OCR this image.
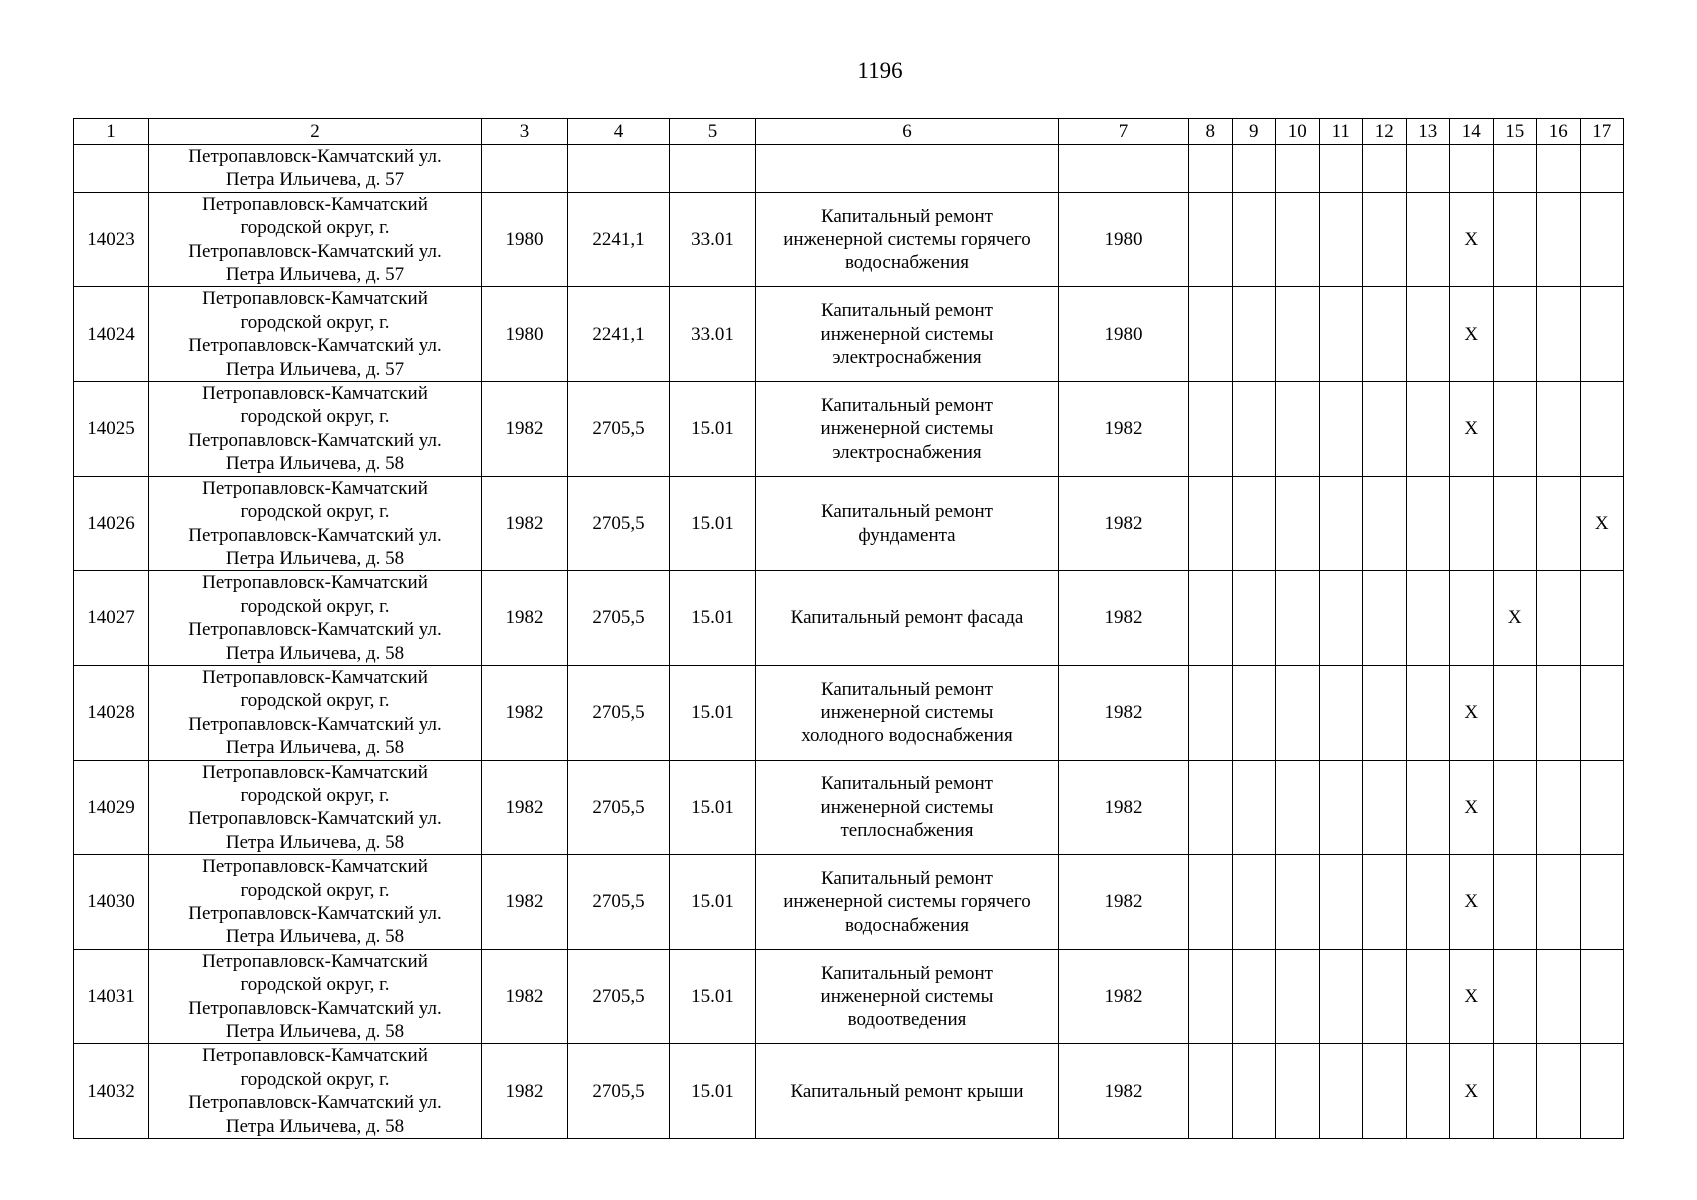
1196
1	2	3	4	5	6	7	8	9	10	11	12	13	14	15	16	17

	Петропавловск-Камчатский ул.
Петра Ильичева, д. 57															

14023	Петропавловск-Камчатский
городской округ, г.
Петропавловск-Камчатский ул.
Петра Ильичева, д. 57	1980	2241,1	33.01	Капитальный ремонт
инженерной системы горячего
водоснабжения	1980							X			
14024	Петропавловск-Камчатский
городской округ, г.
Петропавловск-Камчатский ул.
Петра Ильичева, д. 57	1980	2241,1	33.01	Капитальный ремонт
инженерной системы
электроснабжения	1980							X			
14025	Петропавловск-Камчатский
городской округ, г.
Петропавловск-Камчатский ул.
Петра Ильичева, д. 58	1982	2705,5	15.01	Капитальный ремонт
инженерной системы
электроснабжения	1982							X			
14026	Петропавловск-Камчатский
городской округ, г.
Петропавловск-Камчатский ул.
Петра Ильичева, д. 58	1982	2705,5	15.01	Капитальный ремонт
фундамента	1982										X
14027	Петропавловск-Камчатский
городской округ, г.
Петропавловск-Камчатский ул.
Петра Ильичева, д. 58	1982	2705,5	15.01	Капитальный ремонт фасада	1982								X		
14028	Петропавловск-Камчатский
городской округ, г.
Петропавловск-Камчатский ул.
Петра Ильичева, д. 58	1982	2705,5	15.01	Капитальный ремонт
инженерной системы
холодного водоснабжения	1982							X			
14029	Петропавловск-Камчатский
городской округ, г.
Петропавловск-Камчатский ул.
Петра Ильичева, д. 58	1982	2705,5	15.01	Капитальный ремонт
инженерной системы
теплоснабжения	1982							X			
14030	Петропавловск-Камчатский
городской округ, г.
Петропавловск-Камчатский ул.
Петра Ильичева, д. 58	1982	2705,5	15.01	Капитальный ремонт
инженерной системы горячего
водоснабжения	1982							X			
14031	Петропавловск-Камчатский
городской округ, г.
Петропавловск-Камчатский ул.
Петра Ильичева, д. 58	1982	2705,5	15.01	Капитальный ремонт
инженерной системы
водоотведения	1982							X			
14032	Петропавловск-Камчатский
городской округ, г.
Петропавловск-Камчатский ул.
Петра Ильичева, д. 58	1982	2705,5	15.01	Капитальный ремонт крыши	1982							X			
